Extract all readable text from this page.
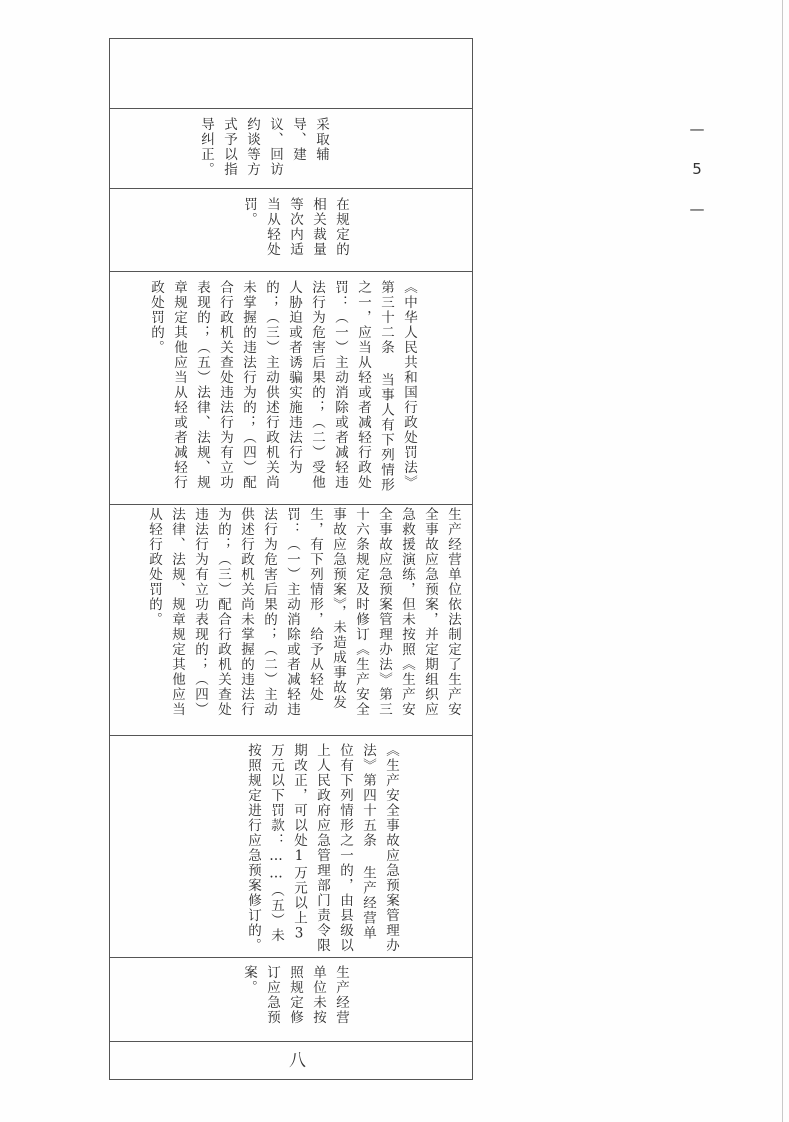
采取辅导、建议、回访约谈等方式予以指导纠正。
在规定的相关裁量等次内适当从轻处罚。
《中华人民共和国行政处罚法》第三十二条 当事人有下列情形之一，应当从轻或者减轻行政处罚：（一）主动消除或者减轻违法行为危害后果的；（二）受他人胁迫或者诱骗实施违法行为的；（三）主动供述行政机关尚未掌握的违法行为的；（四）配合行政机关查处违法行为有立功表现的；（五）法律、法规、规章规定其他应当从轻或者减轻行政处罚的。
生产经营单位依法制定了生产安全事故应急预案，并定期组织应急救援演练，但未按照《生产安全事故应急预案管理办法》第三十六条规定及时修订《生产安全事故应急预案》，未造成事故发生，有下列情形，给予从轻处罚：（一）主动消除或者减轻违法行为危害后果的；（二）主动供述行政机关尚未掌握的违法行为的；（三）配合行政机关查处违法行为有立功表现的；（四）法律、法规、规章规定其他应当从轻行政处罚的。
《生产安全事故应急预案管理办法》第四十五条 生产经营单位有下列情形之一的，由县级以上人民政府应急管理部门责令限期改正，可以处1万元以上3万元以下罚款：……（五）未按照规定进行应急预案修订的。
生产经营单位未按照规定修订应急预案。
八
— 5 —
